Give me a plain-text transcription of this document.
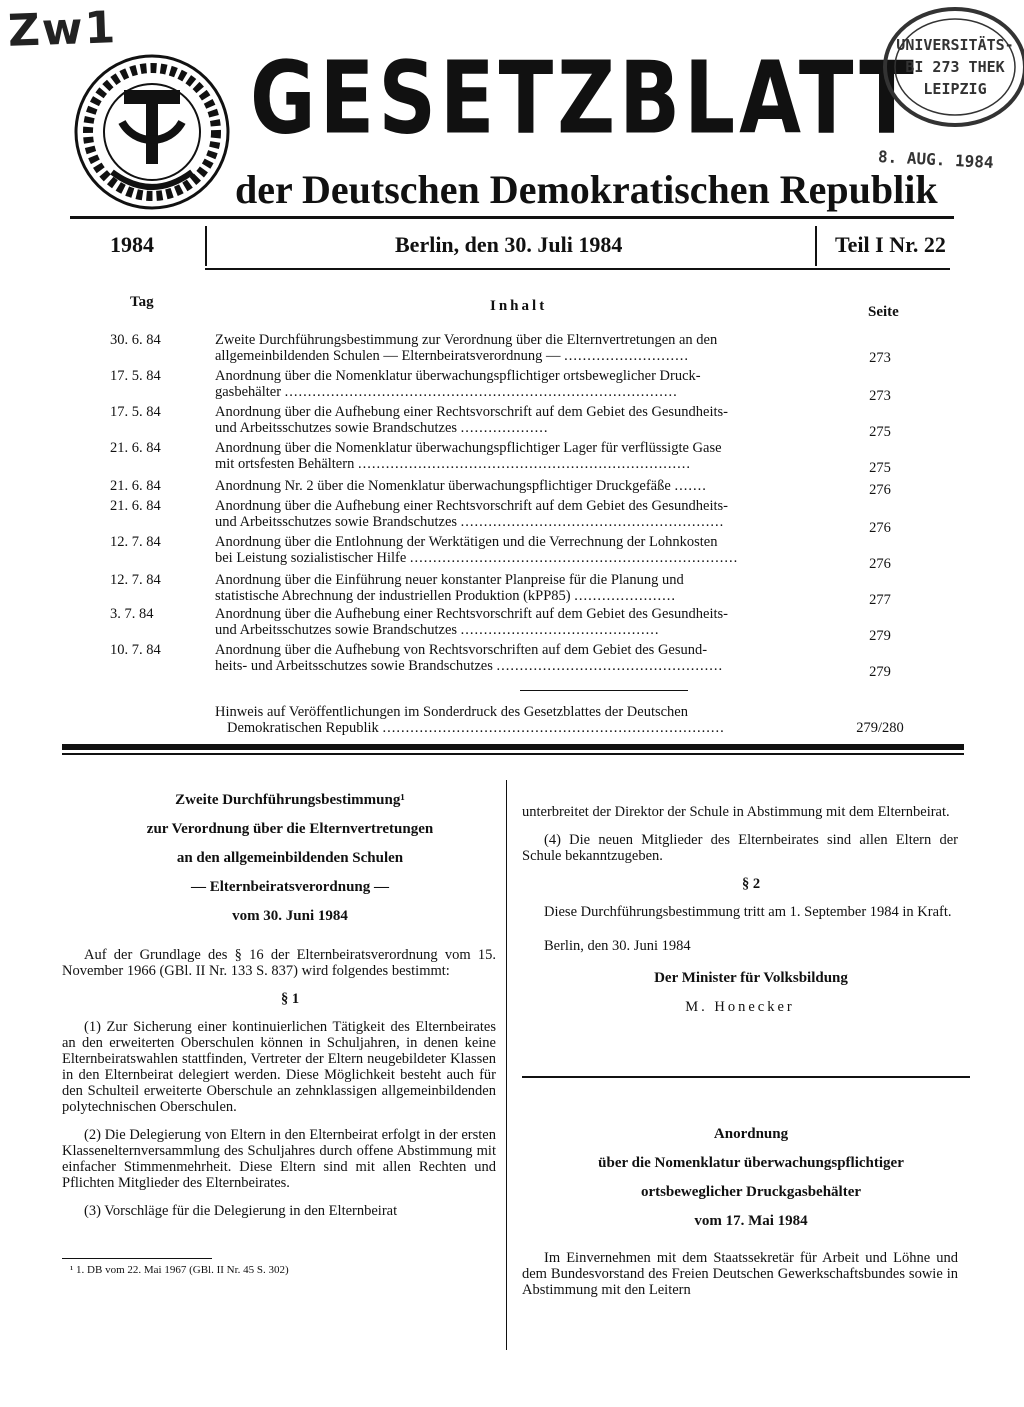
Zw1
GESETZBLATT
der Deutschen Demokratischen Republik
UNIVERSITÄTS-
BI 273 THEK
LEIPZIG
8. AUG. 1984
1984	Berlin, den 30. Juli 1984	Teil I Nr. 22
Tag	Inhalt	Seite
30. 6. 84	Zweite Durchführungsbestimmung zur Verordnung über die Elternvertretungen an den
allgemeinbildenden Schulen — Elternbeiratsverordnung — ...........................	273
17. 5. 84	Anordnung über die Nomenklatur überwachungspflichtiger ortsbeweglicher Druck-
gasbehälter .....................................................................................	273
17. 5. 84	Anordnung über die Aufhebung einer Rechtsvorschrift auf dem Gebiet des Gesundheits-
und Arbeitsschutzes sowie Brandschutzes ...................	275
21. 6. 84	Anordnung über die Nomenklatur überwachungspflichtiger Lager für verflüssigte Gase
mit ortsfesten Behältern ........................................................................	275
21. 6. 84	Anordnung Nr. 2 über die Nomenklatur überwachungspflichtiger Druckgefäße .......	276
21. 6. 84	Anordnung über die Aufhebung einer Rechtsvorschrift auf dem Gebiet des Gesundheits-
und Arbeitsschutzes sowie Brandschutzes .........................................................	276
12. 7. 84	Anordnung über die Entlohnung der Werktätigen und die Verrechnung der Lohnkosten
bei Leistung sozialistischer Hilfe .......................................................................	276
12. 7. 84	Anordnung über die Einführung neuer konstanter Planpreise für die Planung und
statistische Abrechnung der industriellen Produktion (kPP85) ......................	277
3. 7. 84	Anordnung über die Aufhebung einer Rechtsvorschrift auf dem Gebiet des Gesundheits-
und Arbeitsschutzes sowie Brandschutzes ...........................................	279
10. 7. 84	Anordnung über die Aufhebung von Rechtsvorschriften auf dem Gebiet des Gesund-
heits- und Arbeitsschutzes sowie Brandschutzes .................................................	279
Hinweis auf Veröffentlichungen im Sonderdruck des Gesetzblattes der Deutschen
Demokratischen Republik ..........................................................................	279/280

Zweite Durchführungsbestimmung¹

zur Verordnung über die Elternvertretungen

an den allgemeinbildenden Schulen

— Elternbeiratsverordnung —

vom 30. Juni 1984

Auf der Grundlage des § 16 der Elternbeiratsverordnung vom 15. November 1966 (GBl. II Nr. 133 S. 837) wird folgendes bestimmt:

§ 1

(1) Zur Sicherung einer kontinuierlichen Tätigkeit des Elternbeirates an den erweiterten Oberschulen können in Schuljahren, in denen keine Elternbeiratswahlen stattfinden, Vertreter der Eltern neugebildeter Klassen in den Elternbeirat delegiert werden. Diese Möglichkeit besteht auch für den Schulteil erweiterte Oberschule an zehnklassigen allgemeinbildenden polytechnischen Oberschulen.

(2) Die Delegierung von Eltern in den Elternbeirat erfolgt in der ersten Klassenelternversammlung des Schuljahres durch offene Abstimmung mit einfacher Stimmenmehrheit. Diese Eltern sind mit allen Rechten und Pflichten Mitglieder des Elternbeirates.

(3) Vorschläge für die Delegierung in den Elternbeirat

¹ 1. DB vom 22. Mai 1967 (GBl. II Nr. 45 S. 302)

unterbreitet der Direktor der Schule in Abstimmung mit dem Elternbeirat.

(4) Die neuen Mitglieder des Elternbeirates sind allen Eltern der Schule bekanntzugeben.

§ 2

Diese Durchführungsbestimmung tritt am 1. September 1984 in Kraft.

Berlin, den 30. Juni 1984

Der Minister für Volksbildung

M. Honecker

Anordnung

über die Nomenklatur überwachungspflichtiger

ortsbeweglicher Druckgasbehälter

vom 17. Mai 1984

Im Einvernehmen mit dem Staatssekretär für Arbeit und Löhne und dem Bundesvorstand des Freien Deutschen Gewerkschaftsbundes sowie in Abstimmung mit den Leitern
